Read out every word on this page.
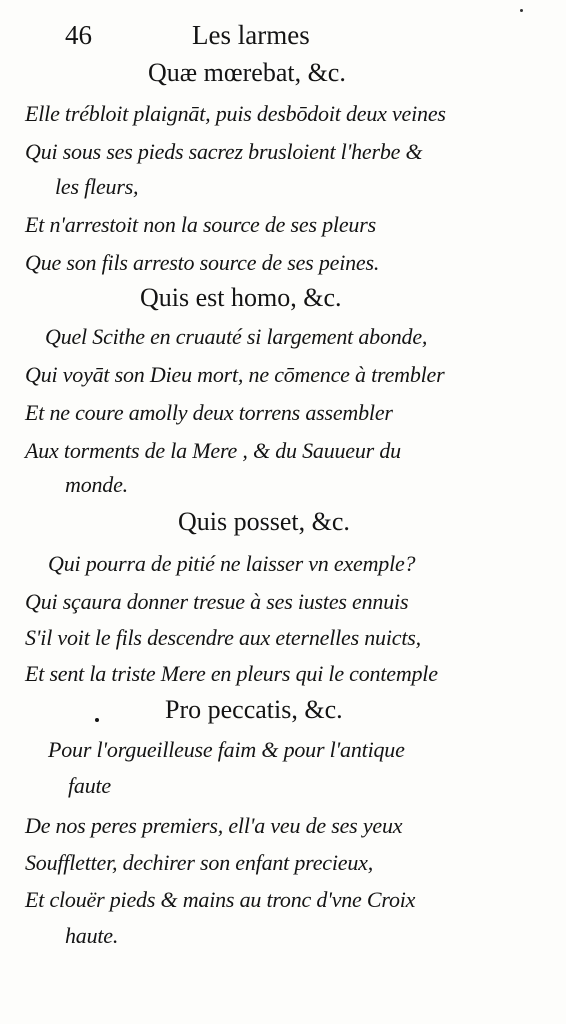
46	Les larmes
Quæ mœrebat, &c.
Elle trébloit plaignāt, puis desbōdoit deux veines
Qui sous ses pieds sacrez brusloient l'herbe &
les fleurs,
Et n'arrestoit non la source de ses pleurs
Que son fils arresto source de ses peines.
Quis est homo, &c.
Quel Scithe en cruauté si largement abonde,
Qui voyāt son Dieu mort, ne cōmence à trembler
Et ne coure amolly deux torrens assembler
Aux torments de la Mere , & du Sauueur du
monde.
Quis posset, &c.
Qui pourra de pitié ne laisser vn exemple?
Qui sçaura donner tresue à ses iustes ennuis
S'il voit le fils descendre aux eternelles nuicts,
Et sent la triste Mere en pleurs qui le contemple
Pro peccatis, &c.
Pour l'orgueilleuse faim & pour l'antique
faute
De nos peres premiers, ell'a veu de ses yeux
Souffletter, dechirer son enfant precieux,
Et clouër pieds & mains au tronc d'vne Croix
haute.
